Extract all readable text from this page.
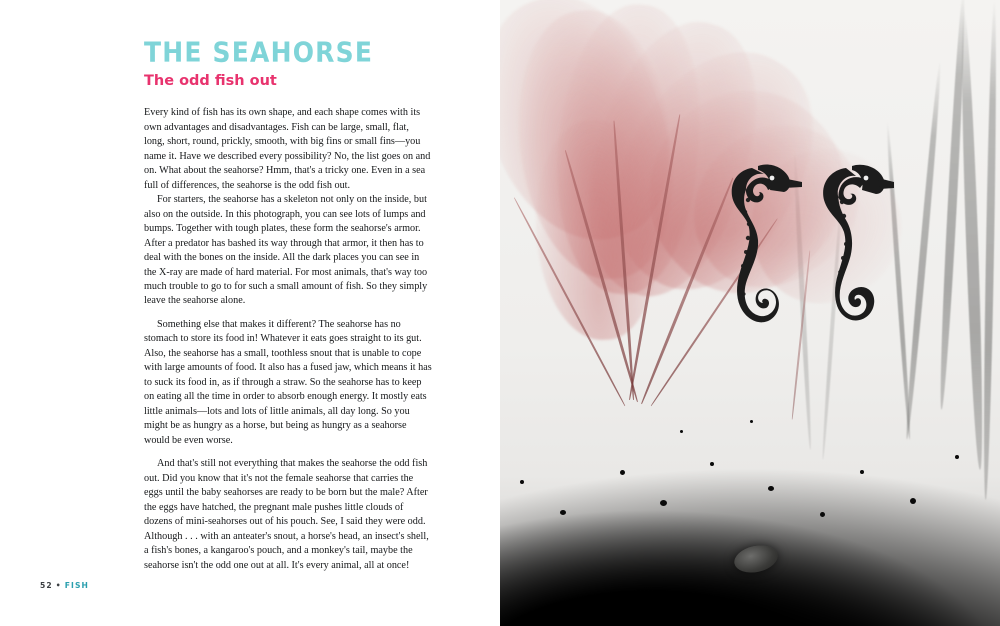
THE SEAHORSE
The odd fish out

Every kind of fish has its own shape, and each shape comes with its own advantages and disadvantages. Fish can be large, small, flat, long, short, round, prickly, smooth, with big fins or small fins—you name it. Have we described every possibility? No, the list goes on and on. What about the seahorse? Hmm, that's a tricky one. Even in a sea full of differences, the seahorse is the odd fish out.

For starters, the seahorse has a skeleton not only on the inside, but also on the outside. In this photograph, you can see lots of lumps and bumps. Together with tough plates, these form the seahorse's armor. After a predator has bashed its way through that armor, it then has to deal with the bones on the inside. All the dark places you can see in the X-ray are made of hard material. For most animals, that's way too much trouble to go to for such a small amount of fish. So they simply leave the seahorse alone.

Something else that makes it different? The seahorse has no stomach to store its food in! Whatever it eats goes straight to its gut. Also, the seahorse has a small, toothless snout that is unable to cope with large amounts of food. It also has a fused jaw, which means it has to suck its food in, as if through a straw. So the seahorse has to keep on eating all the time in order to absorb enough energy. It mostly eats little animals—lots and lots of little animals, all day long. So you might be as hungry as a horse, but being as hungry as a seahorse would be even worse.

And that's still not everything that makes the seahorse the odd fish out. Did you know that it's not the female seahorse that carries the eggs until the baby seahorses are ready to be born but the male? After the eggs have hatched, the pregnant male pushes little clouds of dozens of mini-seahorses out of his pouch. See, I said they were odd. Although . . . with an anteater's snout, a horse's head, an insect's shell, a fish's bones, a kangaroo's pouch, and a monkey's tail, maybe the seahorse isn't the odd one out at all. It's every animal, all at once!

52 • FISH
